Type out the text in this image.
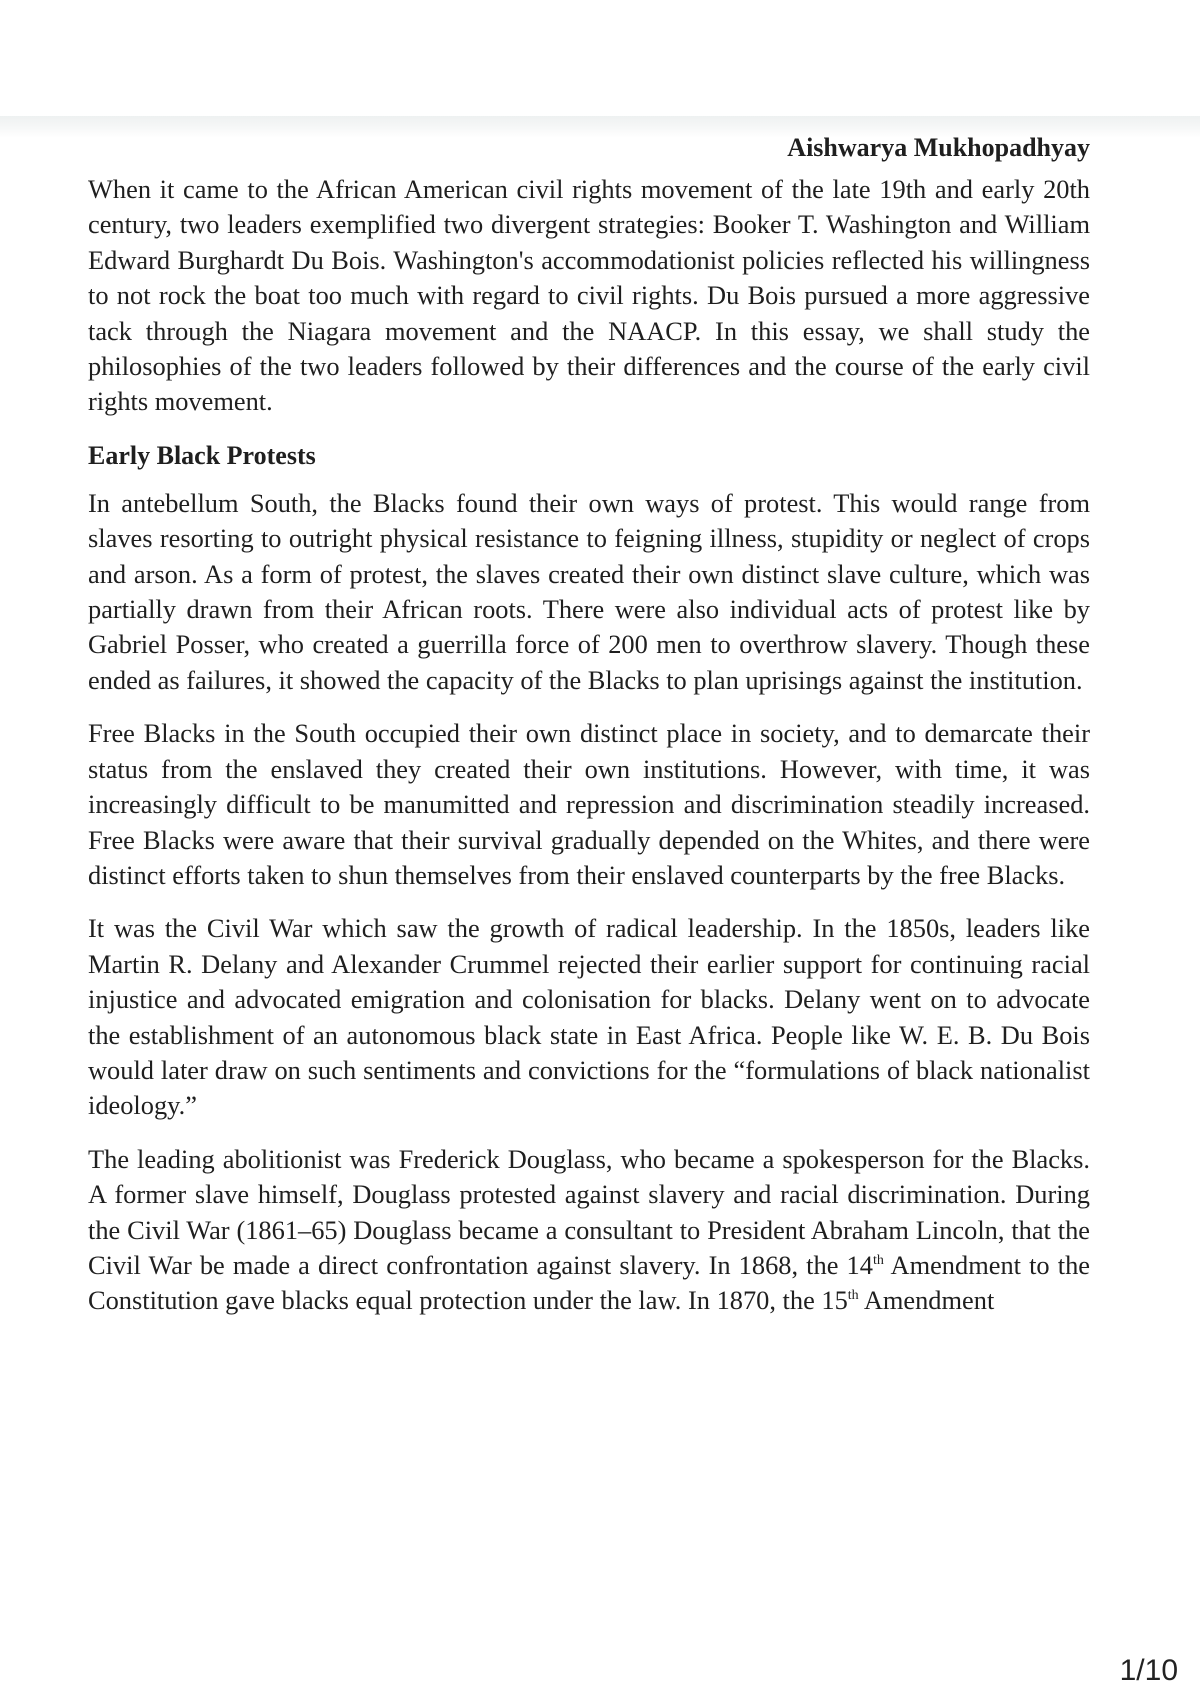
Aishwarya Mukhopadhyay

When it came to the African American civil rights movement of the late 19th and early 20th century, two leaders exemplified two divergent strategies: Booker T. Washington and William Edward Burghardt Du Bois. Washington's accommodationist policies reflected his willingness to not rock the boat too much with regard to civil rights. Du Bois pursued a more aggressive tack through the Niagara movement and the NAACP. In this essay, we shall study the philosophies of the two leaders followed by their differences and the course of the early civil rights movement.

Early Black Protests

In antebellum South, the Blacks found their own ways of protest. This would range from slaves resorting to outright physical resistance to feigning illness, stupidity or neglect of crops and arson. As a form of protest, the slaves created their own distinct slave culture, which was partially drawn from their African roots. There were also individual acts of protest like by Gabriel Posser, who created a guerrilla force of 200 men to overthrow slavery. Though these ended as failures, it showed the capacity of the Blacks to plan uprisings against the institution.

Free Blacks in the South occupied their own distinct place in society, and to demarcate their status from the enslaved they created their own institutions. However, with time, it was increasingly difficult to be manumitted and repression and discrimination steadily increased. Free Blacks were aware that their survival gradually depended on the Whites, and there were distinct efforts taken to shun themselves from their enslaved counterparts by the free Blacks.

It was the Civil War which saw the growth of radical leadership. In the 1850s, leaders like Martin R. Delany and Alexander Crummel rejected their earlier support for continuing racial injustice and advocated emigration and colonisation for blacks. Delany went on to advocate the establishment of an autonomous black state in East Africa. People like W. E. B. Du Bois would later draw on such sentiments and convictions for the “formulations of black nationalist ideology.”

The leading abolitionist was Frederick Douglass, who became a spokesperson for the Blacks. A former slave himself, Douglass protested against slavery and racial discrimination. During the Civil War (1861–65) Douglass became a consultant to President Abraham Lincoln, that the Civil War be made a direct confrontation against slavery. In 1868, the 14th Amendment to the Constitution gave blacks equal protection under the law. In 1870, the 15th Amendment

1/10
